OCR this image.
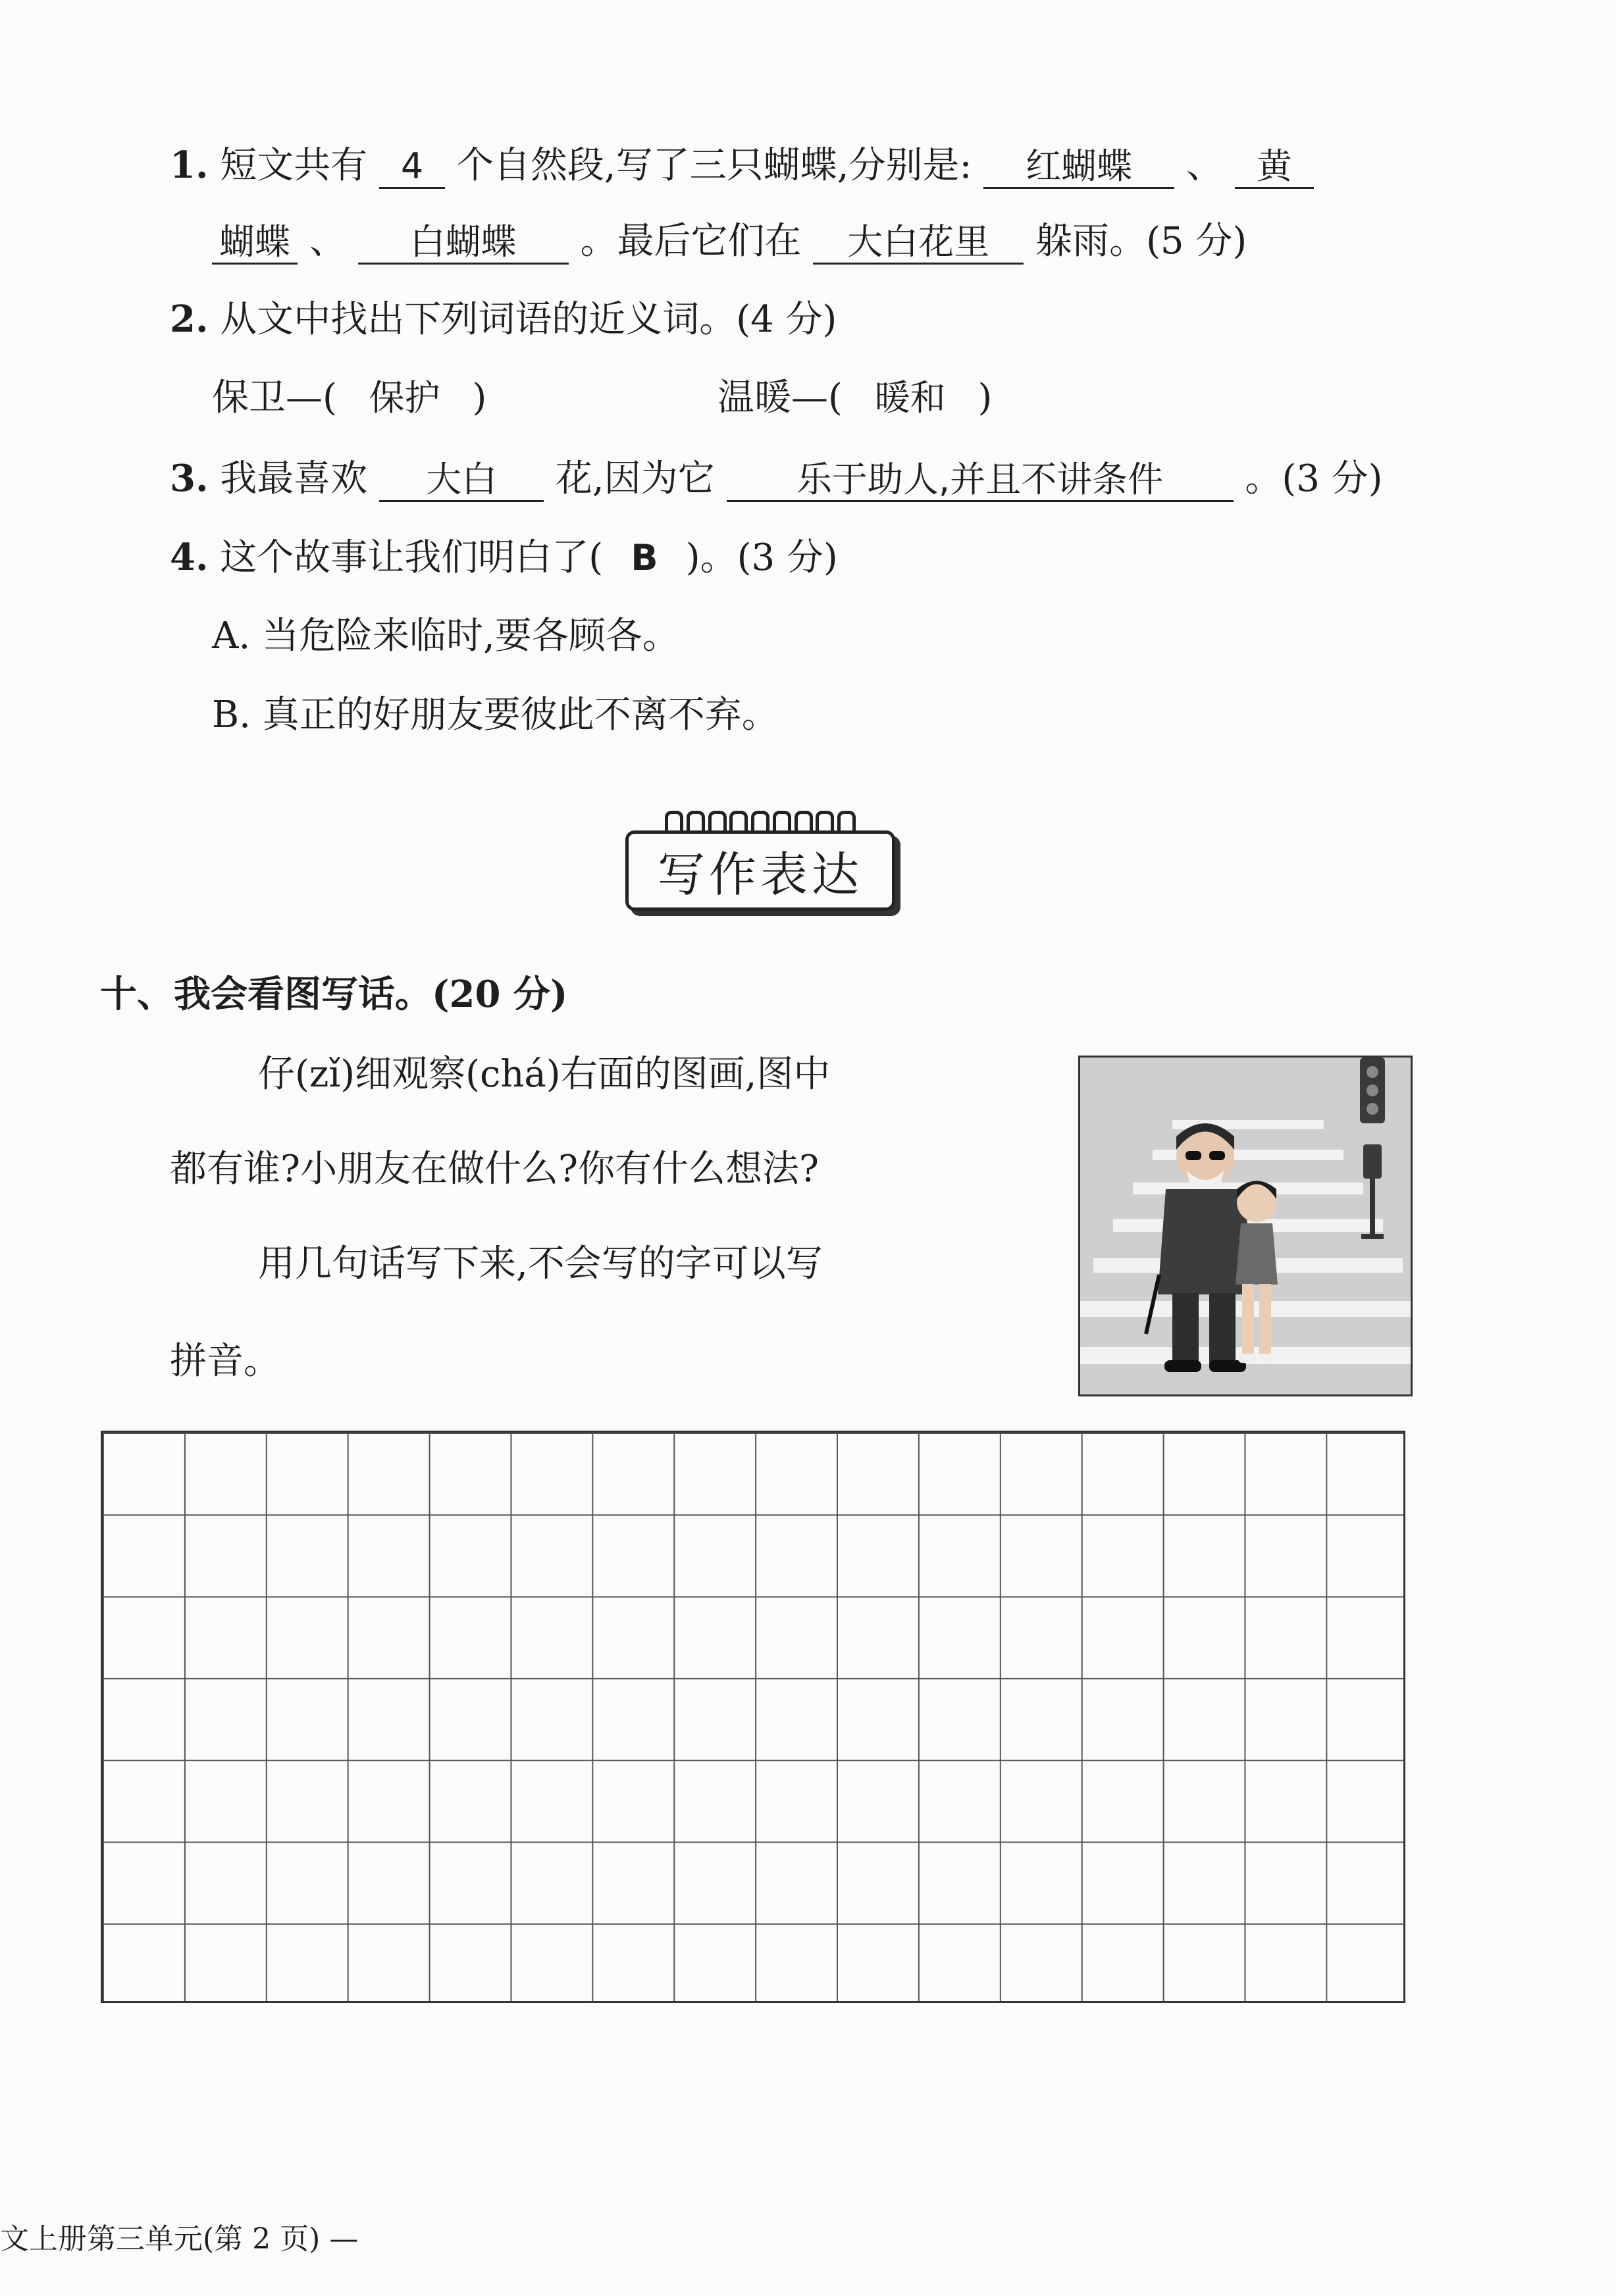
1. 短文共有 4 个自然段,写了三只蝴蝶,分别是: 红蝴蝶 、 黄
蝴蝶 、 白蝴蝶 。最后它们在 大白花里 躲雨。(5 分)
2. 从文中找出下列词语的近义词。(4 分)
保卫—( 保护 )	温暖—( 暖和 )
3. 我最喜欢 大白 花,因为它 乐于助人,并且不讲条件 。(3 分)
4. 这个故事让我们明白了( B )。(3 分)
A. 当危险来临时,要各顾各。
B. 真正的好朋友要彼此不离不弃。
写作表达
十、我会看图写话。(20 分)
仔(zǐ)细观察(chá)右面的图画,图中
都有谁?小朋友在做什么?你有什么想法?
用几句话写下来,不会写的字可以写
拼音。
文上册第三单元(第 2 页) —
